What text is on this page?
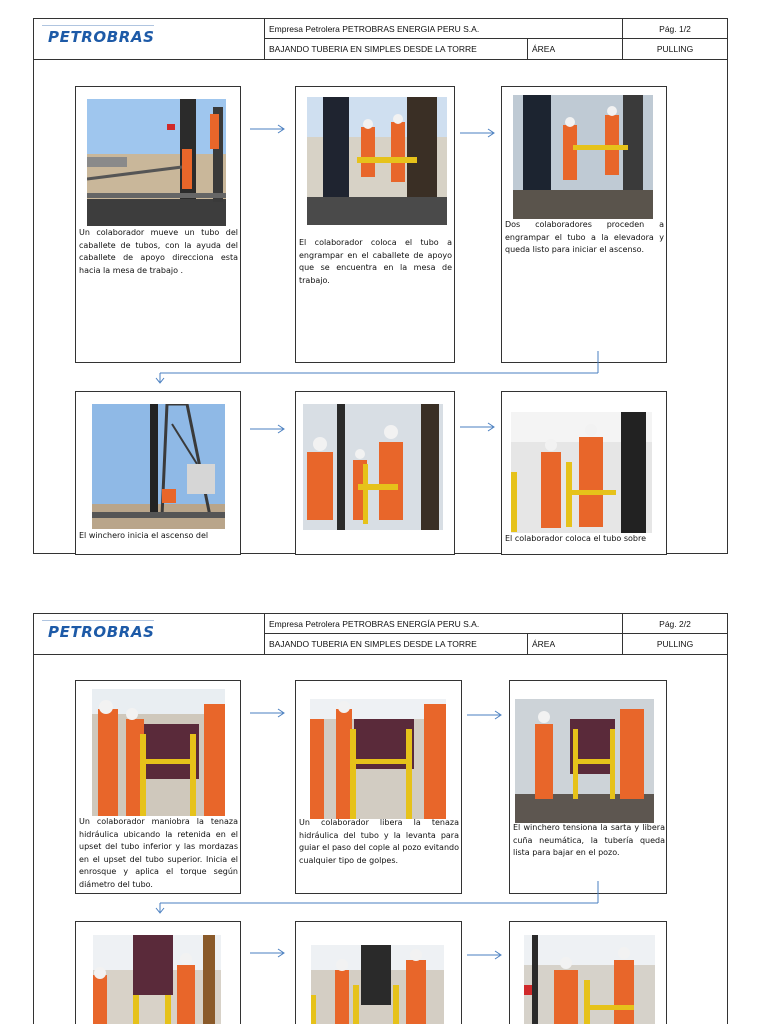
PETROBRAS	Empresa Petrolera PETROBRAS ENERGIA PERU S.A.	Pág. 1/2
BAJANDO TUBERIA EN SIMPLES DESDE LA TORRE	ÁREA	PULLING
Un colaborador mueve un tubo del caballete de tubos, con la ayuda del caballete de apoyo direcciona esta hacia la mesa de trabajo .
El colaborador coloca el tubo a engrampar en el caballete de apoyo que se encuentra en la mesa de trabajo.
Dos colaboradores proceden a engrampar el tubo a la elevadora y queda listo para iniciar el ascenso.
El winchero inicia el ascenso del	El colaborador coloca el tubo sobre
PETROBRAS	Empresa Petrolera PETROBRAS ENERGÍA PERU S.A.	Pág. 2/2
BAJANDO TUBERIA EN SIMPLES DESDE LA TORRE	ÁREA	PULLING
Un colaborador maniobra la tenaza hidráulica ubicando la retenida en el upset del tubo inferior y las mordazas en el upset del tubo superior. Inicia el enrosque y aplica el torque según diámetro del tubo.
Un colaborador libera la tenaza hidráulica del tubo y la levanta para guiar el paso del cople al pozo evitando cualquier tipo de golpes.
El winchero tensiona la sarta y libera cuña neumática, la tubería queda lista para bajar en el pozo.
